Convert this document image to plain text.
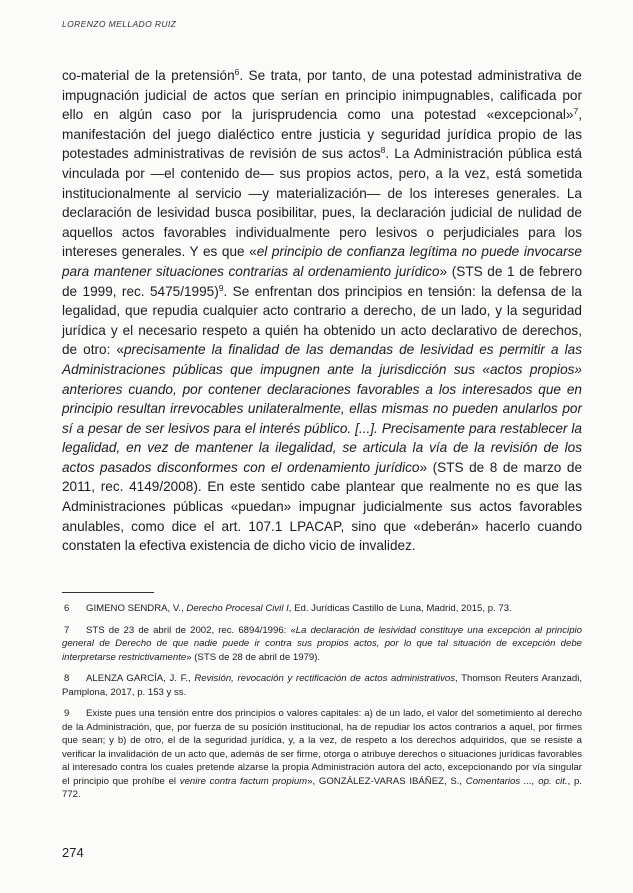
LORENZO MELLADO RUIZ

co-material de la pretensión$^6$. Se trata, por tanto, de una potestad administrativa de impugnación judicial de actos que serían en principio inimpugnables, calificada por ello en algún caso por la jurisprudencia como una potestad «excepcional»$^7$, manifestación del juego dialéctico entre justicia y seguridad jurídica propio de las potestades administrativas de revisión de sus actos$^8$. La Administración pública está vinculada por —el contenido de— sus propios actos, pero, a la vez, está sometida institucionalmente al servicio —y materialización— de los intereses generales. La declaración de lesividad busca posibilitar, pues, la declaración judicial de nulidad de aquellos actos favorables individualmente pero lesivos o perjudiciales para los intereses generales. Y es que «el principio de confianza legítima no puede invocarse para mantener situaciones contrarias al ordenamiento jurídico» (STS de 1 de febrero de 1999, rec. 5475/1995)$^9$. Se enfrentan dos principios en tensión: la defensa de la legalidad, que repudia cualquier acto contrario a derecho, de un lado, y la seguridad jurídica y el necesario respeto a quién ha obtenido un acto declarativo de derechos, de otro: «precisamente la finalidad de las demandas de lesividad es permitir a las Administraciones públicas que impugnen ante la jurisdicción sus «actos propios» anteriores cuando, por contener declaraciones favorables a los interesados que en principio resultan irrevocables unilateralmente, ellas mismas no pueden anularlos por sí a pesar de ser lesivos para el interés público. [...]. Precisamente para restablecer la legalidad, en vez de mantener la ilegalidad, se articula la vía de la revisión de los actos pasados disconformes con el ordenamiento jurídico» (STS de 8 de marzo de 2011, rec. 4149/2008). En este sentido cabe plantear que realmente no es que las Administraciones públicas «puedan» impugnar judicialmente sus actos favorables anulables, como dice el art. 107.1 LPACAP, sino que «deberán» hacerlo cuando constaten la efectiva existencia de dicho vicio de invalidez.

6 GIMENO SENDRA, V., Derecho Procesal Civil I, Ed. Jurídicas Castillo de Luna, Madrid, 2015, p. 73.

7 STS de 23 de abril de 2002, rec. 6894/1996: «La declaración de lesividad constituye una excepción al principio general de Derecho de que nadie puede ir contra sus propios actos, por lo que tal situación de excepción debe interpretarse restrictivamente» (STS de 28 de abril de 1979).

8 ALENZA GARCÍA, J. F., Revisión, revocación y rectificación de actos administrativos, Thomson Reuters Aranzadi, Pamplona, 2017, p. 153 y ss.

9 Existe pues una tensión entre dos principios o valores capitales: a) de un lado, el valor del sometimiento al derecho de la Administración, que, por fuerza de su posición institucional, ha de repudiar los actos contrarios a aquel, por firmes que sean; y b) de otro, el de la seguridad jurídica, y, a la vez, de respeto a los derechos adquiridos, que se resiste a verificar la invalidación de un acto que, además de ser firme, otorga o atribuye derechos o situaciones jurídicas favorables al interesado contra los cuales pretende alzarse la propia Administración autora del acto, excepcionando por vía singular el principio que prohíbe el venire contra factum propium», GONZÁLEZ-VARAS IBÁÑEZ, S., Comentarios ..., op. cit., p. 772.

274
